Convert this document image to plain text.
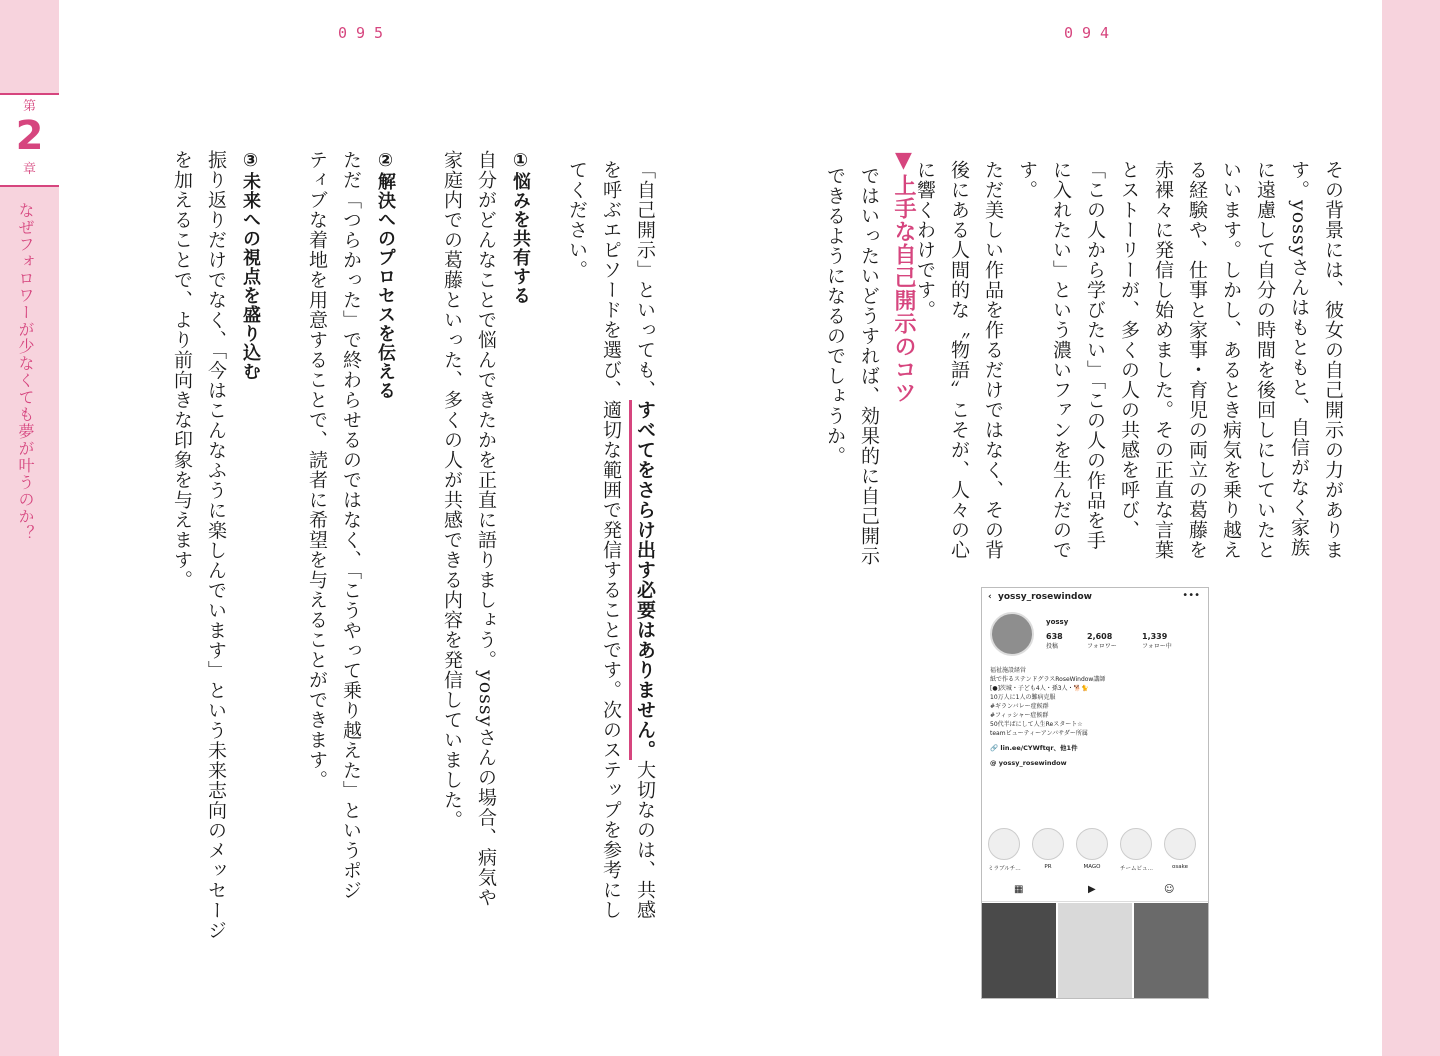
095	094
第
2
章
なぜフォロワーが少なくても夢が叶うのか？	その背景には、彼女の自己開示の力があります。yossyさんはもともと、自信がなく家族に遠慮して自分の時間を後回しにしていたといいます。しかし、あるとき病気を乗り越える経験や、仕事と家事・育児の両立の葛藤を赤裸々に発信し始めました。その正直な言葉とストーリーが、多くの人の共感を呼び、「この人から学びたい」「この人の作品を手に入れたい」という濃いファンを生んだのです。

ただ美しい作品を作るだけではなく、その背後にある人間的な〝物語〟こそが、人々の心に響くわけです。

▼上手な自己開示のコツ

ではいったいどうすれば、効果的に自己開示できるようになるのでしょうか。

‹  yossy_rosewindow	•••
yossy
638
投稿
2,608
フォロワー
1,339
フォロー中
福祉施設経営
紙で作るステンドグラスRoseWindow講師
[●]茨城・子ども4人・孫3人・🐕🐈
10万人に1人の難病克服
#ギランバレー症候群
#フィッシャー症候群
50代半ばにして人生Reスタート☆
teamビューティーアンバサダー所属
🔗 lin.ee/CYWftqr、他1件
@ yossy_rosewindow
ミラブルチ…	PR	MAGO	チームビュ…	osake
▦	▶	☺

「自己開示」といっても、すべてをさらけ出す必要はありません。大切なのは、共感を呼ぶエピソードを選び、適切な範囲で発信することです。次のステップを参考にしてください。

①悩みを共有する

自分がどんなことで悩んできたかを正直に語りましょう。yossyさんの場合、病気や家庭内での葛藤といった、多くの人が共感できる内容を発信していました。

②解決へのプロセスを伝える

ただ「つらかった」で終わらせるのではなく、「こうやって乗り越えた」というポジティブな着地を用意することで、読者に希望を与えることができます。

③未来への視点を盛り込む

振り返りだけでなく、「今はこんなふうに楽しんでいます」という未来志向のメッセージを加えることで、より前向きな印象を与えます。
